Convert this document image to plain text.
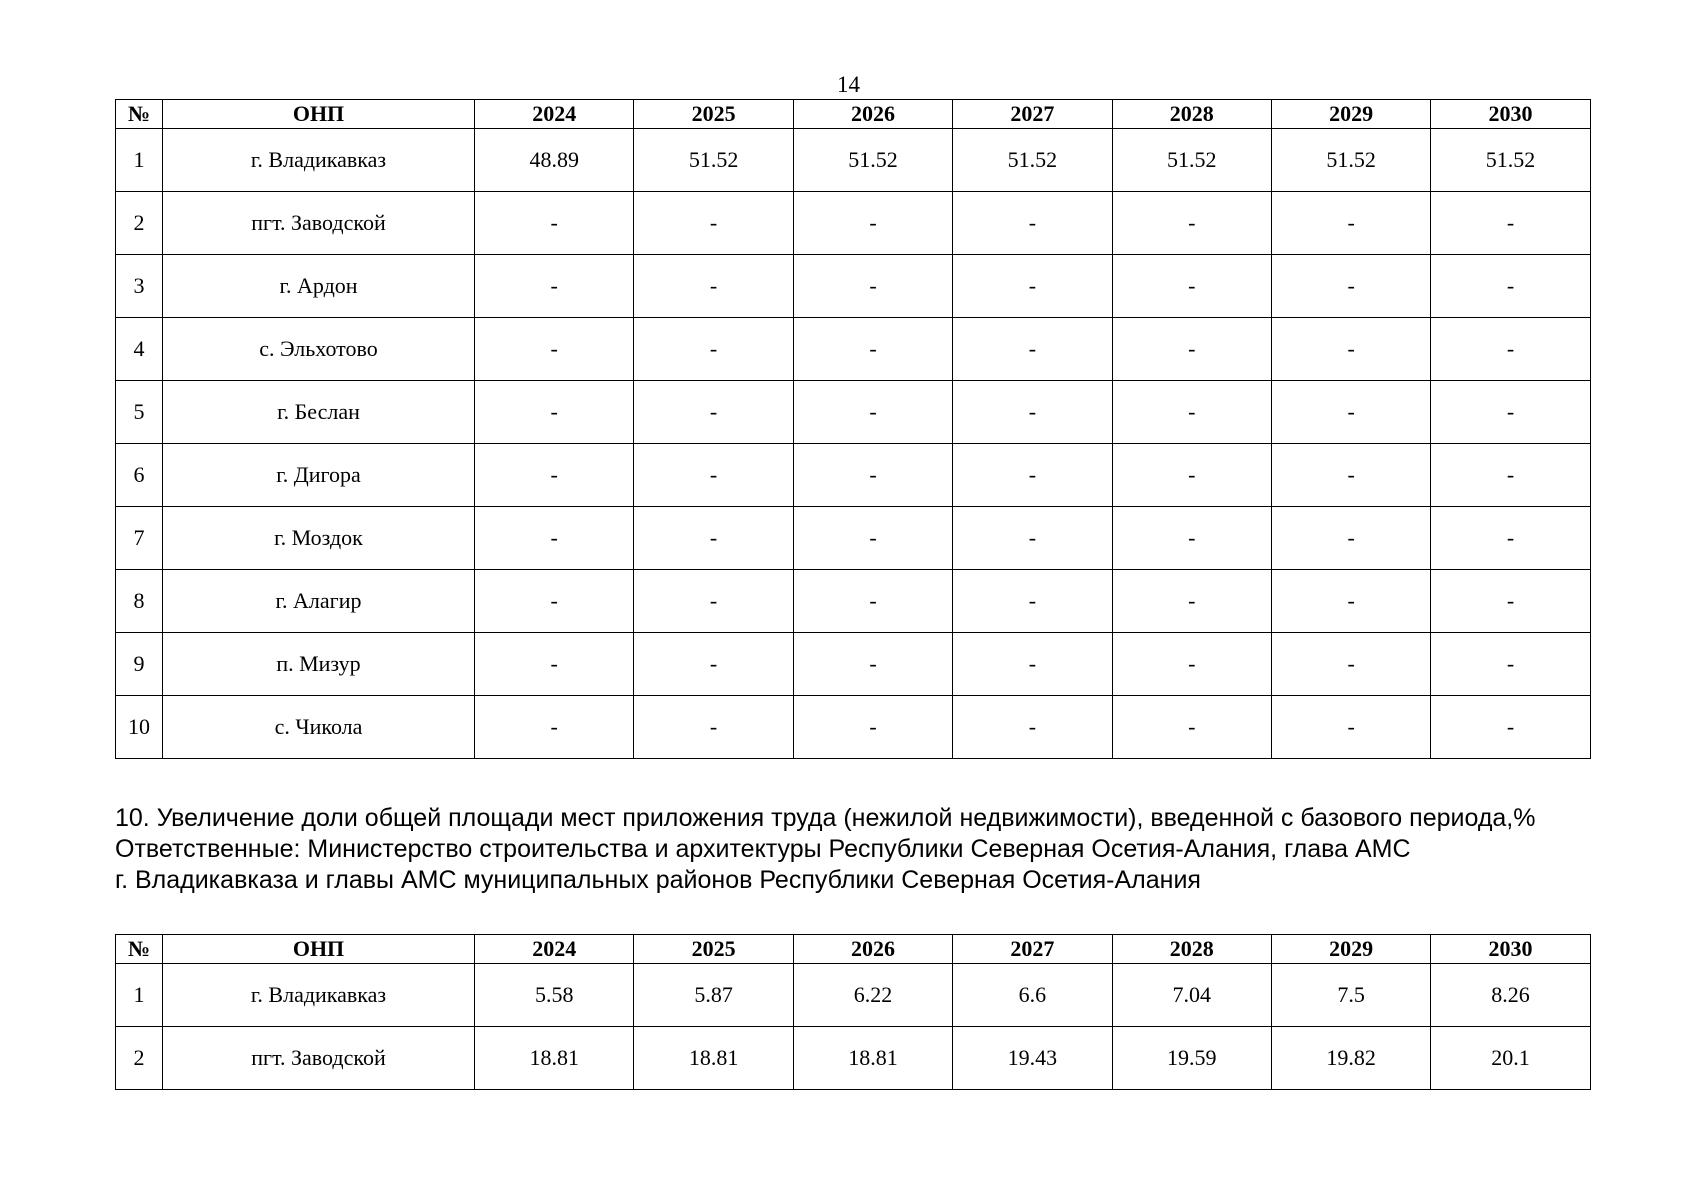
14
№	ОНП	2024	2025	2026	2027	2028	2029	2030
1	г. Владикавказ	48.89	51.52	51.52	51.52	51.52	51.52	51.52
2	пгт. Заводской	-	-	-	-	-	-	-
3	г. Ардон	-	-	-	-	-	-	-
4	с. Эльхотово	-	-	-	-	-	-	-
5	г. Беслан	-	-	-	-	-	-	-
6	г. Дигора	-	-	-	-	-	-	-
7	г. Моздок	-	-	-	-	-	-	-
8	г. Алагир	-	-	-	-	-	-	-
9	п. Мизур	-	-	-	-	-	-	-
10	с. Чикола	-	-	-	-	-	-	-
10. Увеличение доли общей площади мест приложения труда (нежилой недвижимости), введенной с базового периода,%
Ответственные: Министерство строительства и архитектуры Республики Северная Осетия-Алания, глава АМС
г. Владикавказа и главы АМС муниципальных районов Республики Северная Осетия-Алания
№	ОНП	2024	2025	2026	2027	2028	2029	2030
1	г. Владикавказ	5.58	5.87	6.22	6.6	7.04	7.5	8.26
2	пгт. Заводской	18.81	18.81	18.81	19.43	19.59	19.82	20.1
